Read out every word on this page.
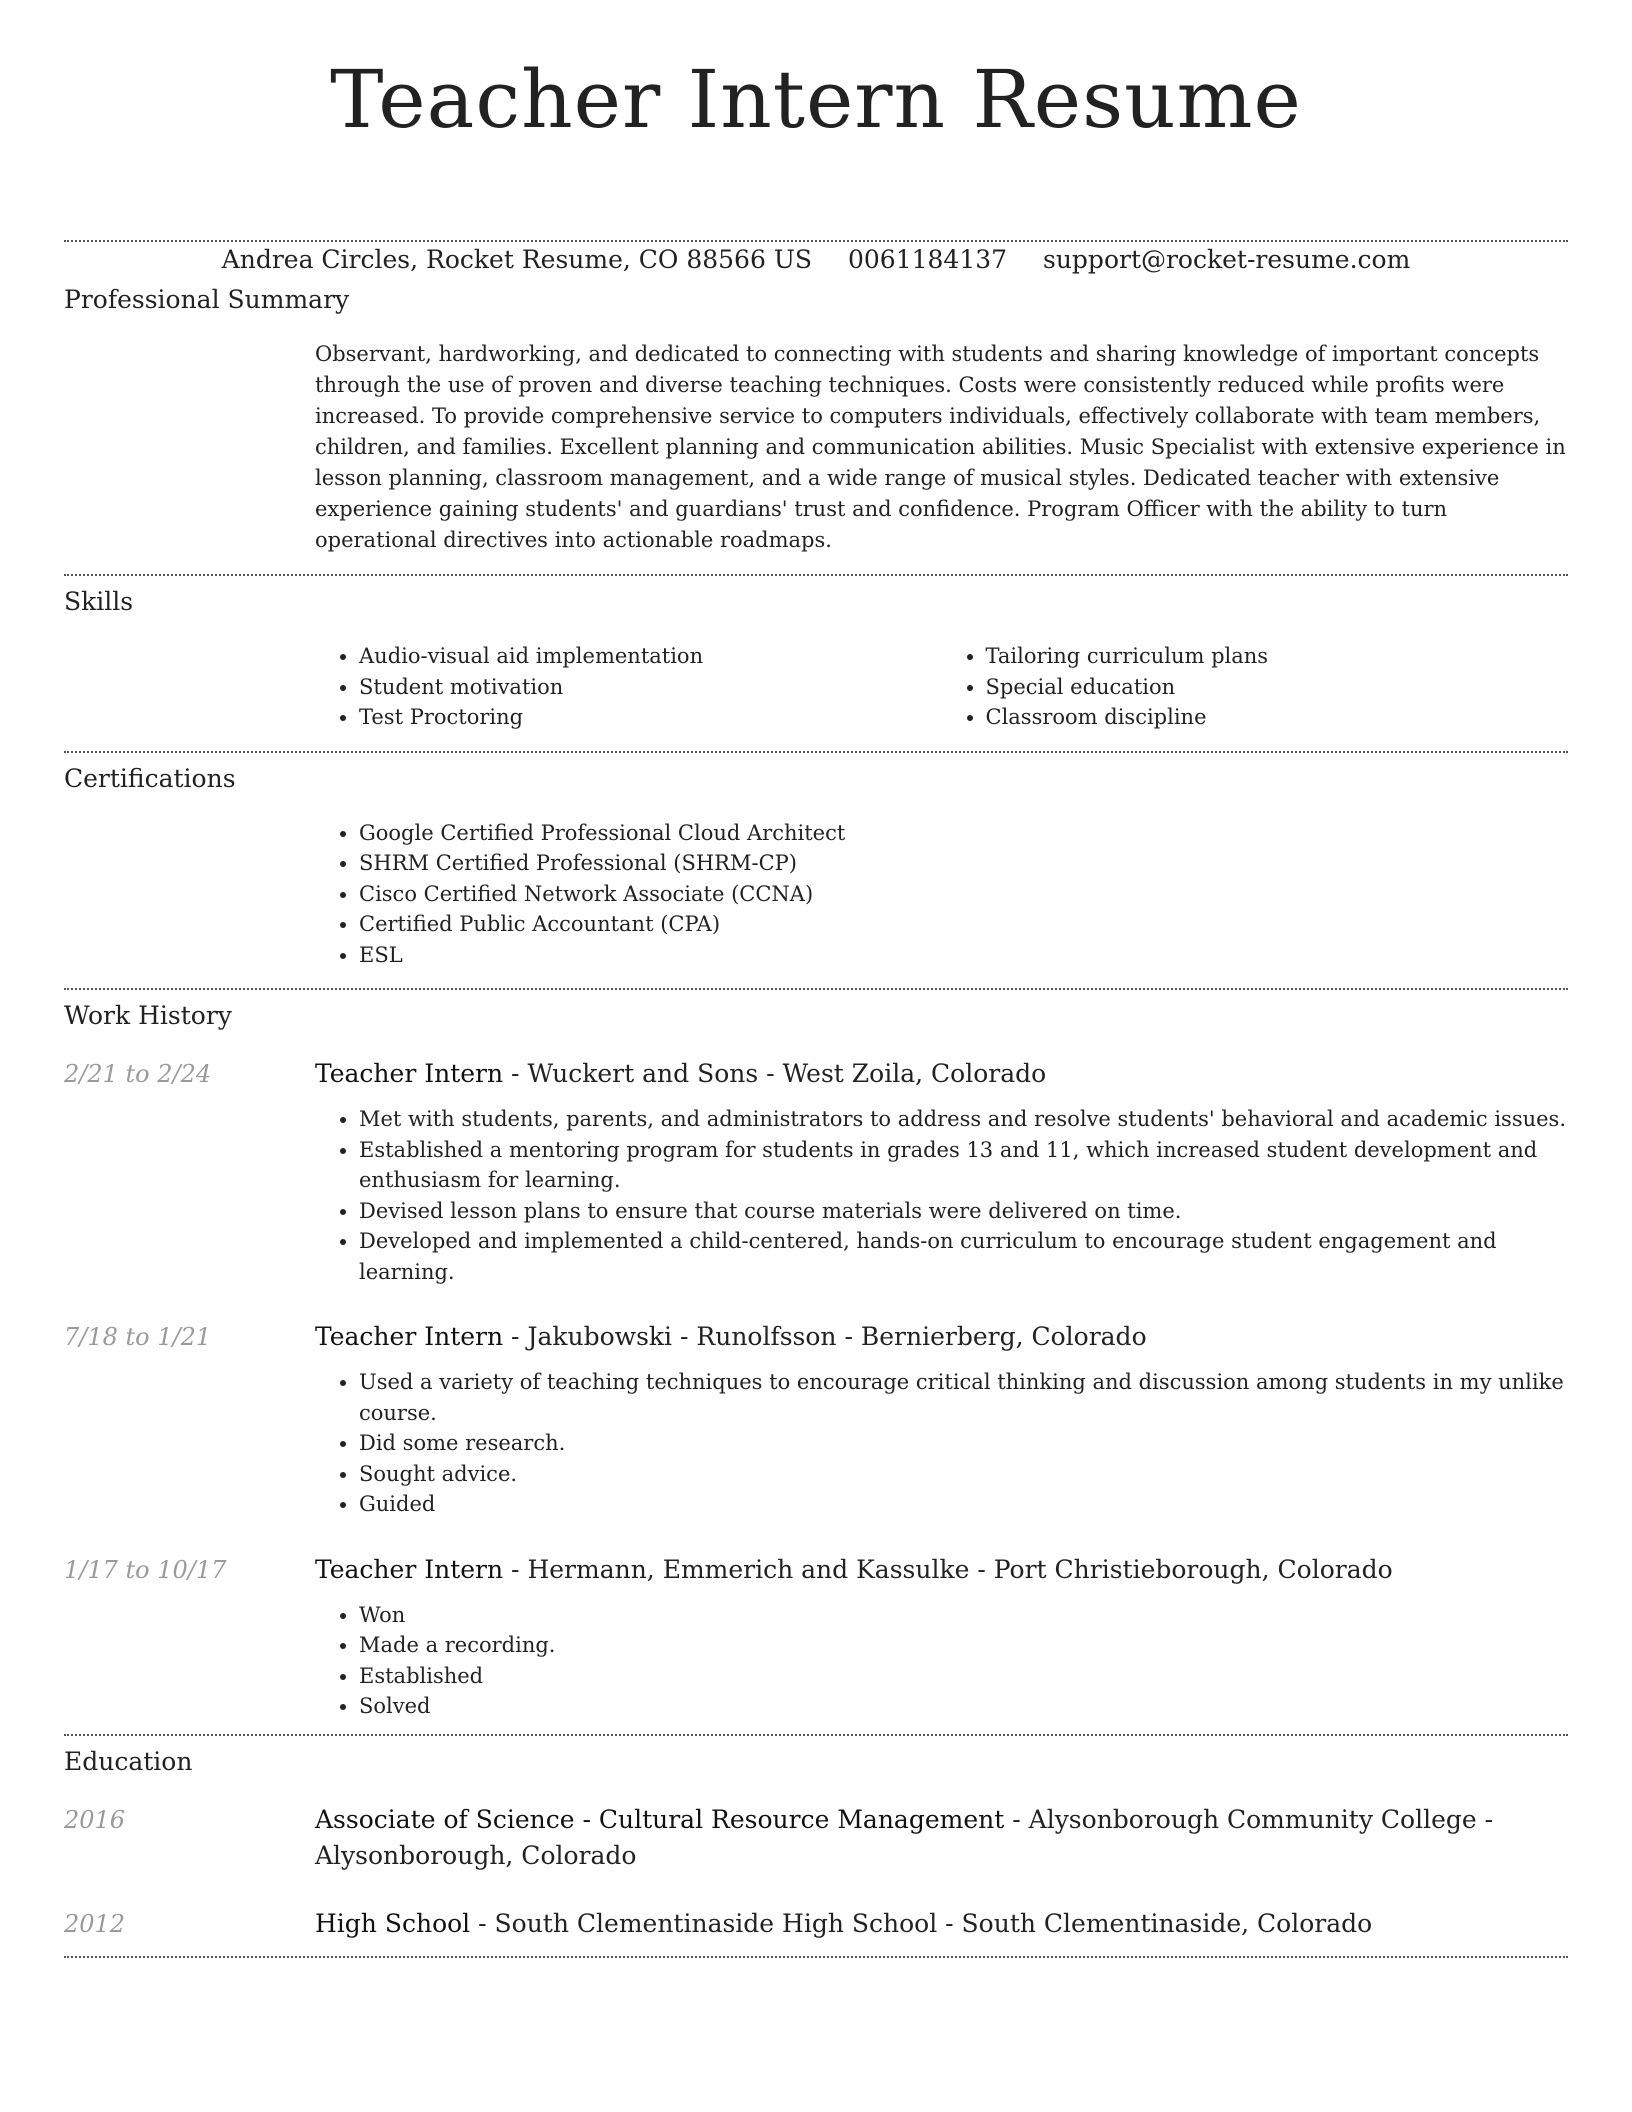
Teacher Intern Resume
Andrea Circles, Rocket Resume, CO 88566 US 0061184137 support@rocket-resume.com
Professional Summary

Observant, hardworking, and dedicated to connecting with students and sharing knowledge of important concepts through the use of proven and diverse teaching techniques. Costs were consistently reduced while profits were increased. To provide comprehensive service to computers individuals, effectively collaborate with team members, children, and families. Excellent planning and communication abilities. Music Specialist with extensive experience in lesson planning, classroom management, and a wide range of musical styles. Dedicated teacher with extensive experience gaining students' and guardians' trust and confidence. Program Officer with the ability to turn operational directives into actionable roadmaps.

Skills
• Audio-visual aid implementation
• Student motivation
• Test Proctoring
• Tailoring curriculum plans
• Special education
• Classroom discipline
Certifications
• Google Certified Professional Cloud Architect
• SHRM Certified Professional (SHRM-CP)
• Cisco Certified Network Associate (CCNA)
• Certified Public Accountant (CPA)
• ESL
Work History
2/21 to 2/24	Teacher Intern - Wuckert and Sons - West Zoila, Colorado
• Met with students, parents, and administrators to address and resolve students' behavioral and academic issues.
• Established a mentoring program for students in grades 13 and 11, which increased student development and enthusiasm for learning.
• Devised lesson plans to ensure that course materials were delivered on time.
• Developed and implemented a child-centered, hands-on curriculum to encourage student engagement and learning.
7/18 to 1/21	Teacher Intern - Jakubowski - Runolfsson - Bernierberg, Colorado
• Used a variety of teaching techniques to encourage critical thinking and discussion among students in my unlike course.
• Did some research.
• Sought advice.
• Guided
1/17 to 10/17	Teacher Intern - Hermann, Emmerich and Kassulke - Port Christieborough, Colorado
• Won
• Made a recording.
• Established
• Solved
Education
2016	Associate of Science - Cultural Resource Management - Alysonborough Community College - Alysonborough, Colorado
2012	High School - South Clementinaside High School - South Clementinaside, Colorado
